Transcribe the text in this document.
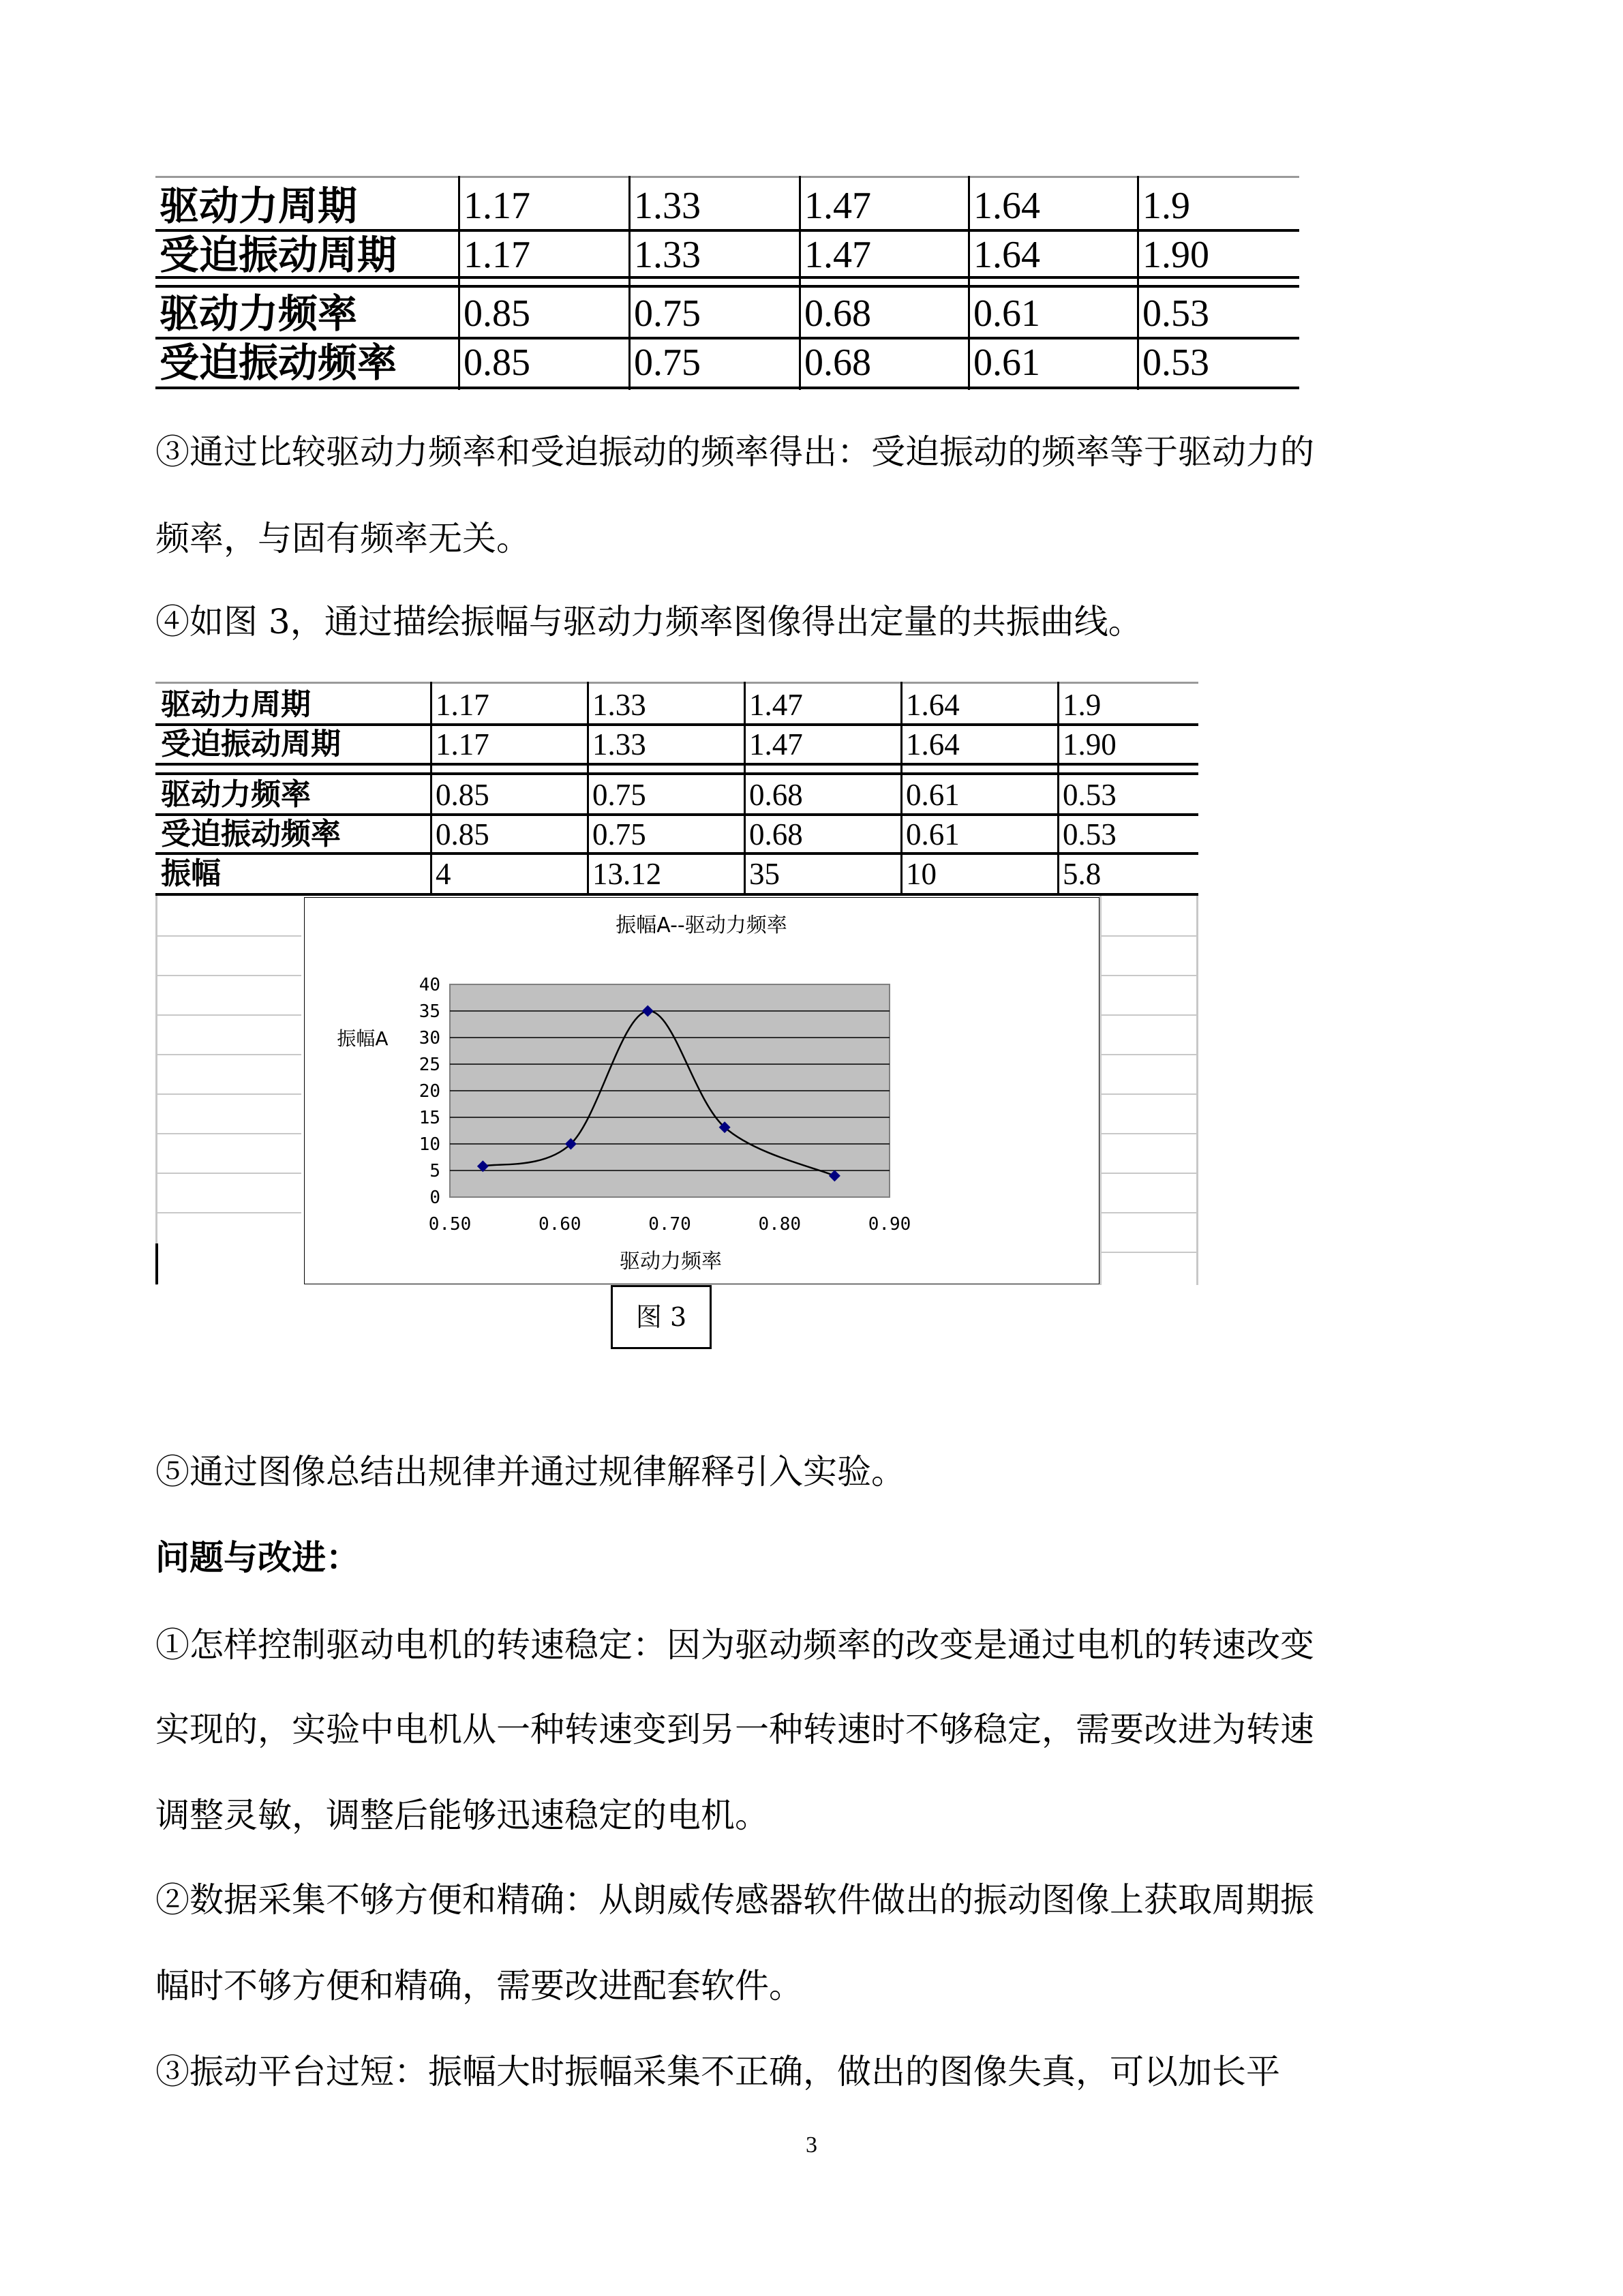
驱动力周期	1.17	1.33	1.47	1.64	1.9
受迫振动周期 1.17	1.33	1.47	1.64	1.90
驱动力频率	0.85	0.75	0.68	0.61	0.53
受迫振动频率 0.85	0.75	0.68	0.61	0.53
③通过比较驱动力频率和受迫振动的频率得出：受迫振动的频率等于驱动力的
频率，与固有频率无关。
④如图 3，通过描绘振幅与驱动力频率图像得出定量的共振曲线。
驱动力周期	1.17	1.33	1.47	1.64	1.9
受迫振动周期	1.17	1.33	1.47	1.64	1.90
驱动力频率	0.85	0.75	0.68	0.61	0.53
受迫振动频率	0.85	0.75	0.68	0.61	0.53
振幅	4	13.12	35	10	5.8
振幅A--驱动力频率
0
5
10
15
20
25
30
35
40
0.50	0.60	0.70	0.80	0.90
振幅A
驱动力频率
图 3
⑤通过图像总结出规律并通过规律解释引入实验。
问题与改进：
①怎样控制驱动电机的转速稳定：因为驱动频率的改变是通过电机的转速改变
实现的，实验中电机从一种转速变到另一种转速时不够稳定，需要改进为转速
调整灵敏，调整后能够迅速稳定的电机。
②数据采集不够方便和精确：从朗威传感器软件做出的振动图像上获取周期振
幅时不够方便和精确，需要改进配套软件。
③振动平台过短：振幅大时振幅采集不正确，做出的图像失真，可以加长平
3
